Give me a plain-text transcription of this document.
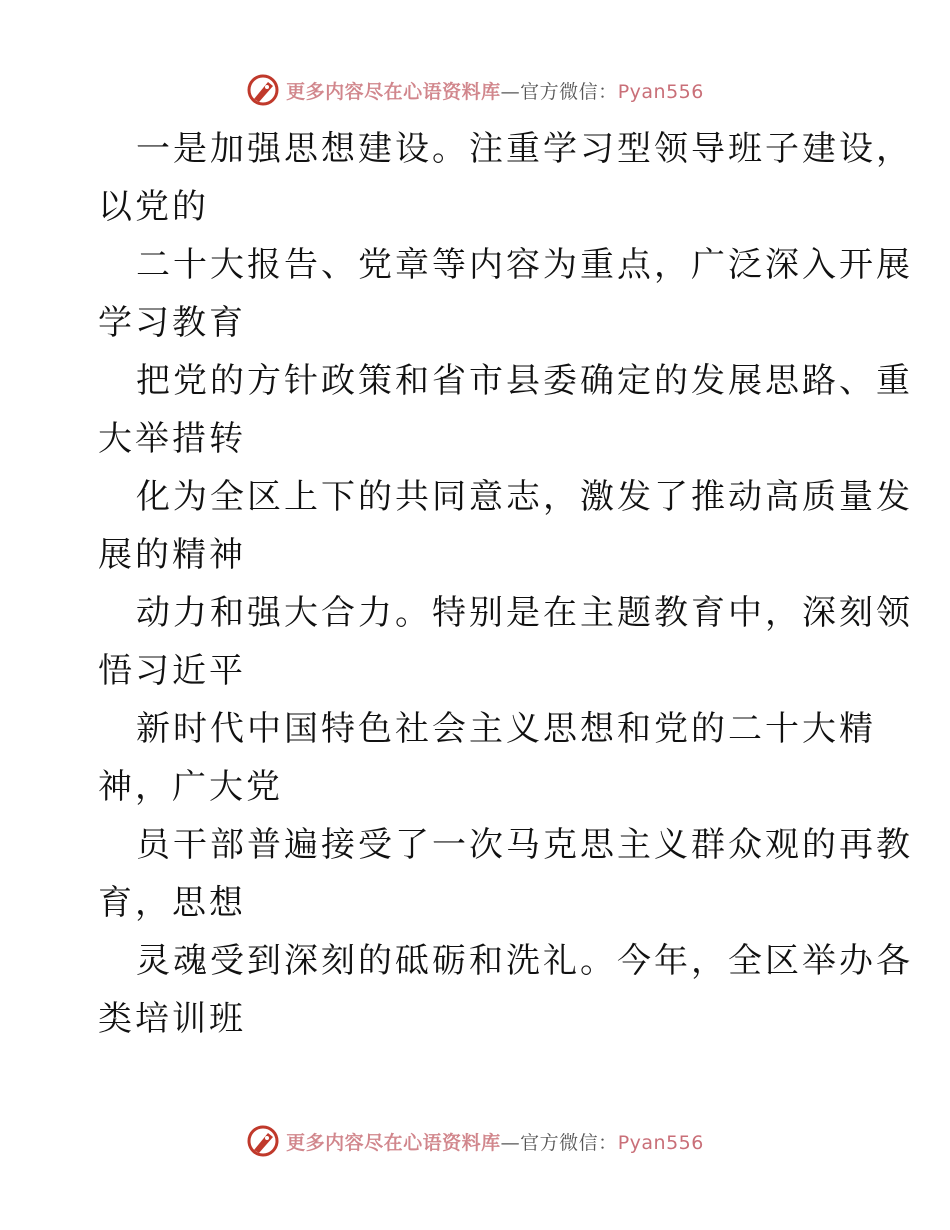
更多内容尽在心语资料库—官方微信：Pyan556
一是加强思想建设。注重学习型领导班子建设，
以党的
二十大报告、党章等内容为重点，广泛深入开展
学习教育
把党的方针政策和省市县委确定的发展思路、重
大举措转
化为全区上下的共同意志，激发了推动高质量发
展的精神
动力和强大合力。特别是在主题教育中，深刻领
悟习近平
新时代中国特色社会主义思想和党的二十大精
神，广大党
员干部普遍接受了一次马克思主义群众观的再教
育，思想
灵魂受到深刻的砥砺和洗礼。今年，全区举办各
类培训班
更多内容尽在心语资料库—官方微信：Pyan556
